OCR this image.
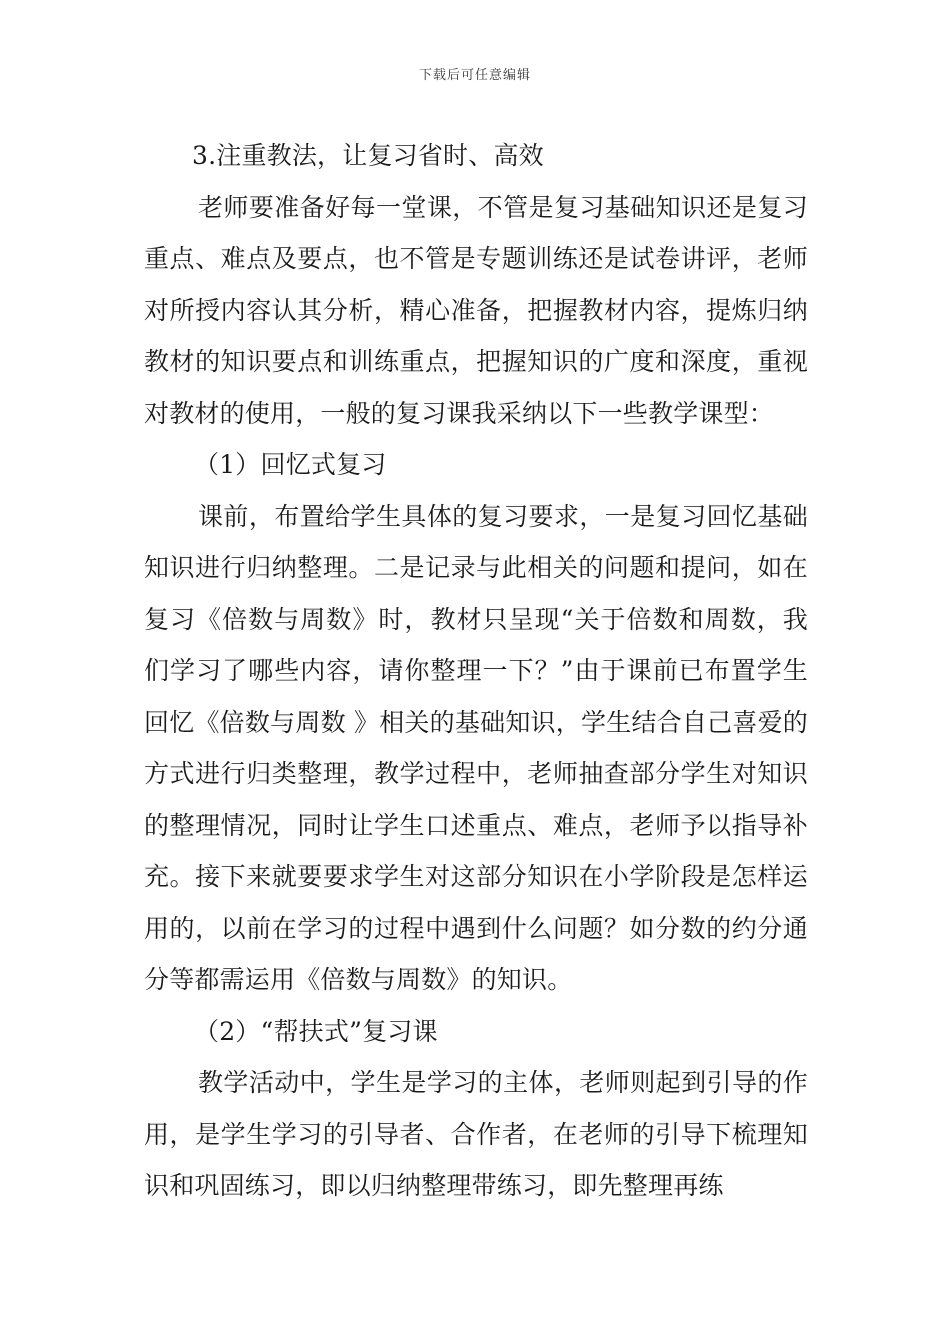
下载后可任意编辑

3.注重教法，让复习省时、高效

老师要准备好每一堂课，不管是复习基础知识还是复习重点、难点及要点，也不管是专题训练还是试卷讲评，老师对所授内容认其分析，精心准备，把握教材内容，提炼归纳教材的知识要点和训练重点，把握知识的广度和深度，重视对教材的使用，一般的复习课我采纳以下一些教学课型：

（1）回忆式复习

课前，布置给学生具体的复习要求，一是复习回忆基础知识进行归纳整理。二是记录与此相关的问题和提问，如在复习《倍数与周数》时，教材只呈现“关于倍数和周数，我们学习了哪些内容，请你整理一下？”由于课前已布置学生回忆《倍数与周数 》相关的基础知识，学生结合自己喜爱的方式进行归类整理，教学过程中，老师抽查部分学生对知识的整理情况，同时让学生口述重点、难点，老师予以指导补充。接下来就要要求学生对这部分知识在小学阶段是怎样运用的，以前在学习的过程中遇到什么问题？如分数的约分通分等都需运用《倍数与周数》的知识。

（2）“帮扶式”复习课

教学活动中，学生是学习的主体，老师则起到引导的作用，是学生学习的引导者、合作者，在老师的引导下梳理知识和巩固练习，即以归纳整理带练习，即先整理再练
